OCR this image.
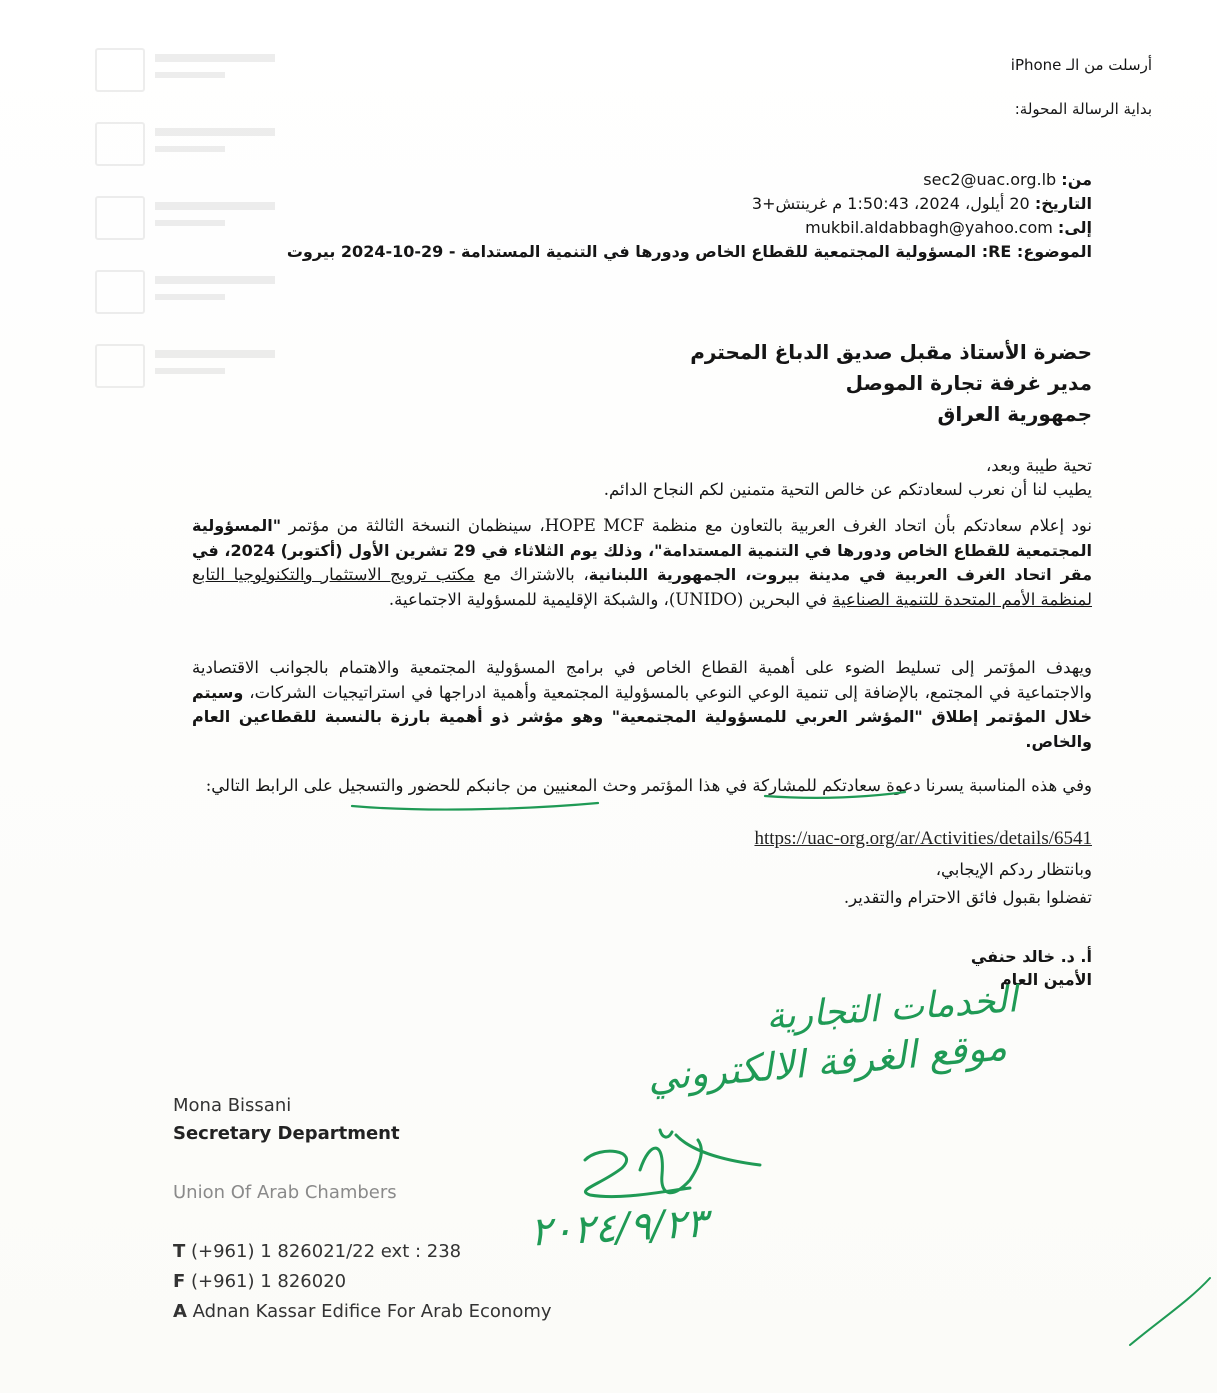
أرسلت من الـ iPhone
بداية الرسالة المحولة:
من: sec2@uac.org.lb
التاريخ: 20 أيلول، 2024، 1:50:43 م غرينتش+3
إلى: mukbil.aldabbagh@yahoo.com
الموضوع: RE: المسؤولية المجتمعية للقطاع الخاص ودورها في التنمية المستدامة - 29-10-2024 بيروت
حضرة الأستاذ مقبل صديق الدباغ المحترم
مدير غرفة تجارة الموصل
جمهورية العراق
تحية طيبة وبعد،
يطيب لنا أن نعرب لسعادتكم عن خالص التحية متمنين لكم النجاح الدائم.
نود إعلام سعادتكم بأن اتحاد الغرف العربية بالتعاون مع منظمة HOPE MCF، سينظمان النسخة الثالثة من مؤتمر "المسؤولية المجتمعية للقطاع الخاص ودورها في التنمية المستدامة"، وذلك يوم الثلاثاء في 29 تشرين الأول (أكتوبر) 2024، في مقر اتحاد الغرف العربية في مدينة بيروت، الجمهورية اللبنانية، بالاشتراك مع مكتب ترويج الاستثمار والتكنولوجيا التابع لمنظمة الأمم المتحدة للتنمية الصناعية في البحرين (UNIDO)، والشبكة الإقليمية للمسؤولية الاجتماعية.
ويهدف المؤتمر إلى تسليط الضوء على أهمية القطاع الخاص في برامج المسؤولية المجتمعية والاهتمام بالجوانب الاقتصادية والاجتماعية في المجتمع، بالإضافة إلى تنمية الوعي النوعي بالمسؤولية المجتمعية وأهمية ادراجها في استراتيجيات الشركات، وسيتم خلال المؤتمر إطلاق "المؤشر العربي للمسؤولية المجتمعية" وهو مؤشر ذو أهمية بارزة بالنسبة للقطاعين العام والخاص.
وفي هذه المناسبة يسرنا دعوة سعادتكم للمشاركة في هذا المؤتمر وحث المعنيين من جانبكم للحضور والتسجيل على الرابط التالي:
https://uac-org.org/ar/Activities/details/6541
وبانتظار ردكم الإيجابي،
تفضلوا بقبول فائق الاحترام والتقدير.
أ. د. خالد حنفي
الأمين العام
الخدمات التجارية
موقع الغرفة الالكتروني
٢٠٢٤/٩/٢٣
Mona Bissani
Secretary Department
Union Of Arab Chambers
T (+961) 1 826021/22 ext : 238
F (+961) 1 826020
A Adnan Kassar Edifice For Arab Economy
